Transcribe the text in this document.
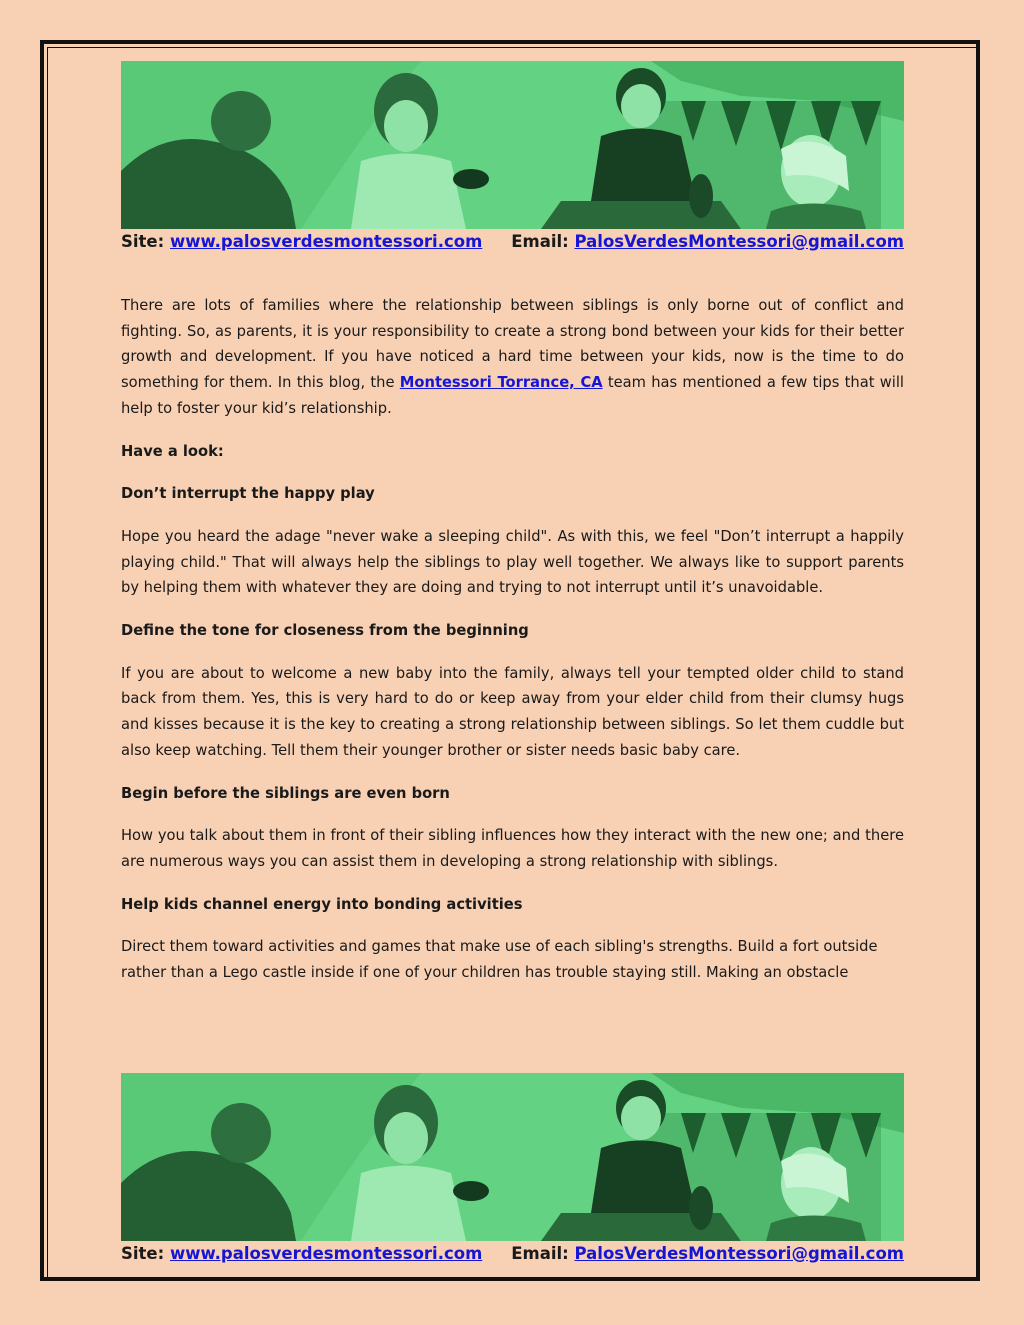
Site: www.palosverdesmontessori.com Email: PalosVerdesMontessori@gmail.com

There are lots of families where the relationship between siblings is only borne out of conflict and fighting. So, as parents, it is your responsibility to create a strong bond between your kids for their better growth and development. If you have noticed a hard time between your kids, now is the time to do something for them. In this blog, the Montessori Torrance, CA team has mentioned a few tips that will help to foster your kid’s relationship.

Have a look:
Don’t interrupt the happy play

Hope you heard the adage "never wake a sleeping child". As with this, we feel "Don’t interrupt a happily playing child." That will always help the siblings to play well together. We always like to support parents by helping them with whatever they are doing and trying to not interrupt until it’s unavoidable.

Define the tone for closeness from the beginning

If you are about to welcome a new baby into the family, always tell your tempted older child to stand back from them. Yes, this is very hard to do or keep away from your elder child from their clumsy hugs and kisses because it is the key to creating a strong relationship between siblings. So let them cuddle but also keep watching. Tell them their younger brother or sister needs basic baby care.

Begin before the siblings are even born

How you talk about them in front of their sibling influences how they interact with the new one; and there are numerous ways you can assist them in developing a strong relationship with siblings.

Help kids channel energy into bonding activities

Direct them toward activities and games that make use of each sibling's strengths. Build a fort outside rather than a Lego castle inside if one of your children has trouble staying still. Making an obstacle

Site: www.palosverdesmontessori.com Email: PalosVerdesMontessori@gmail.com
